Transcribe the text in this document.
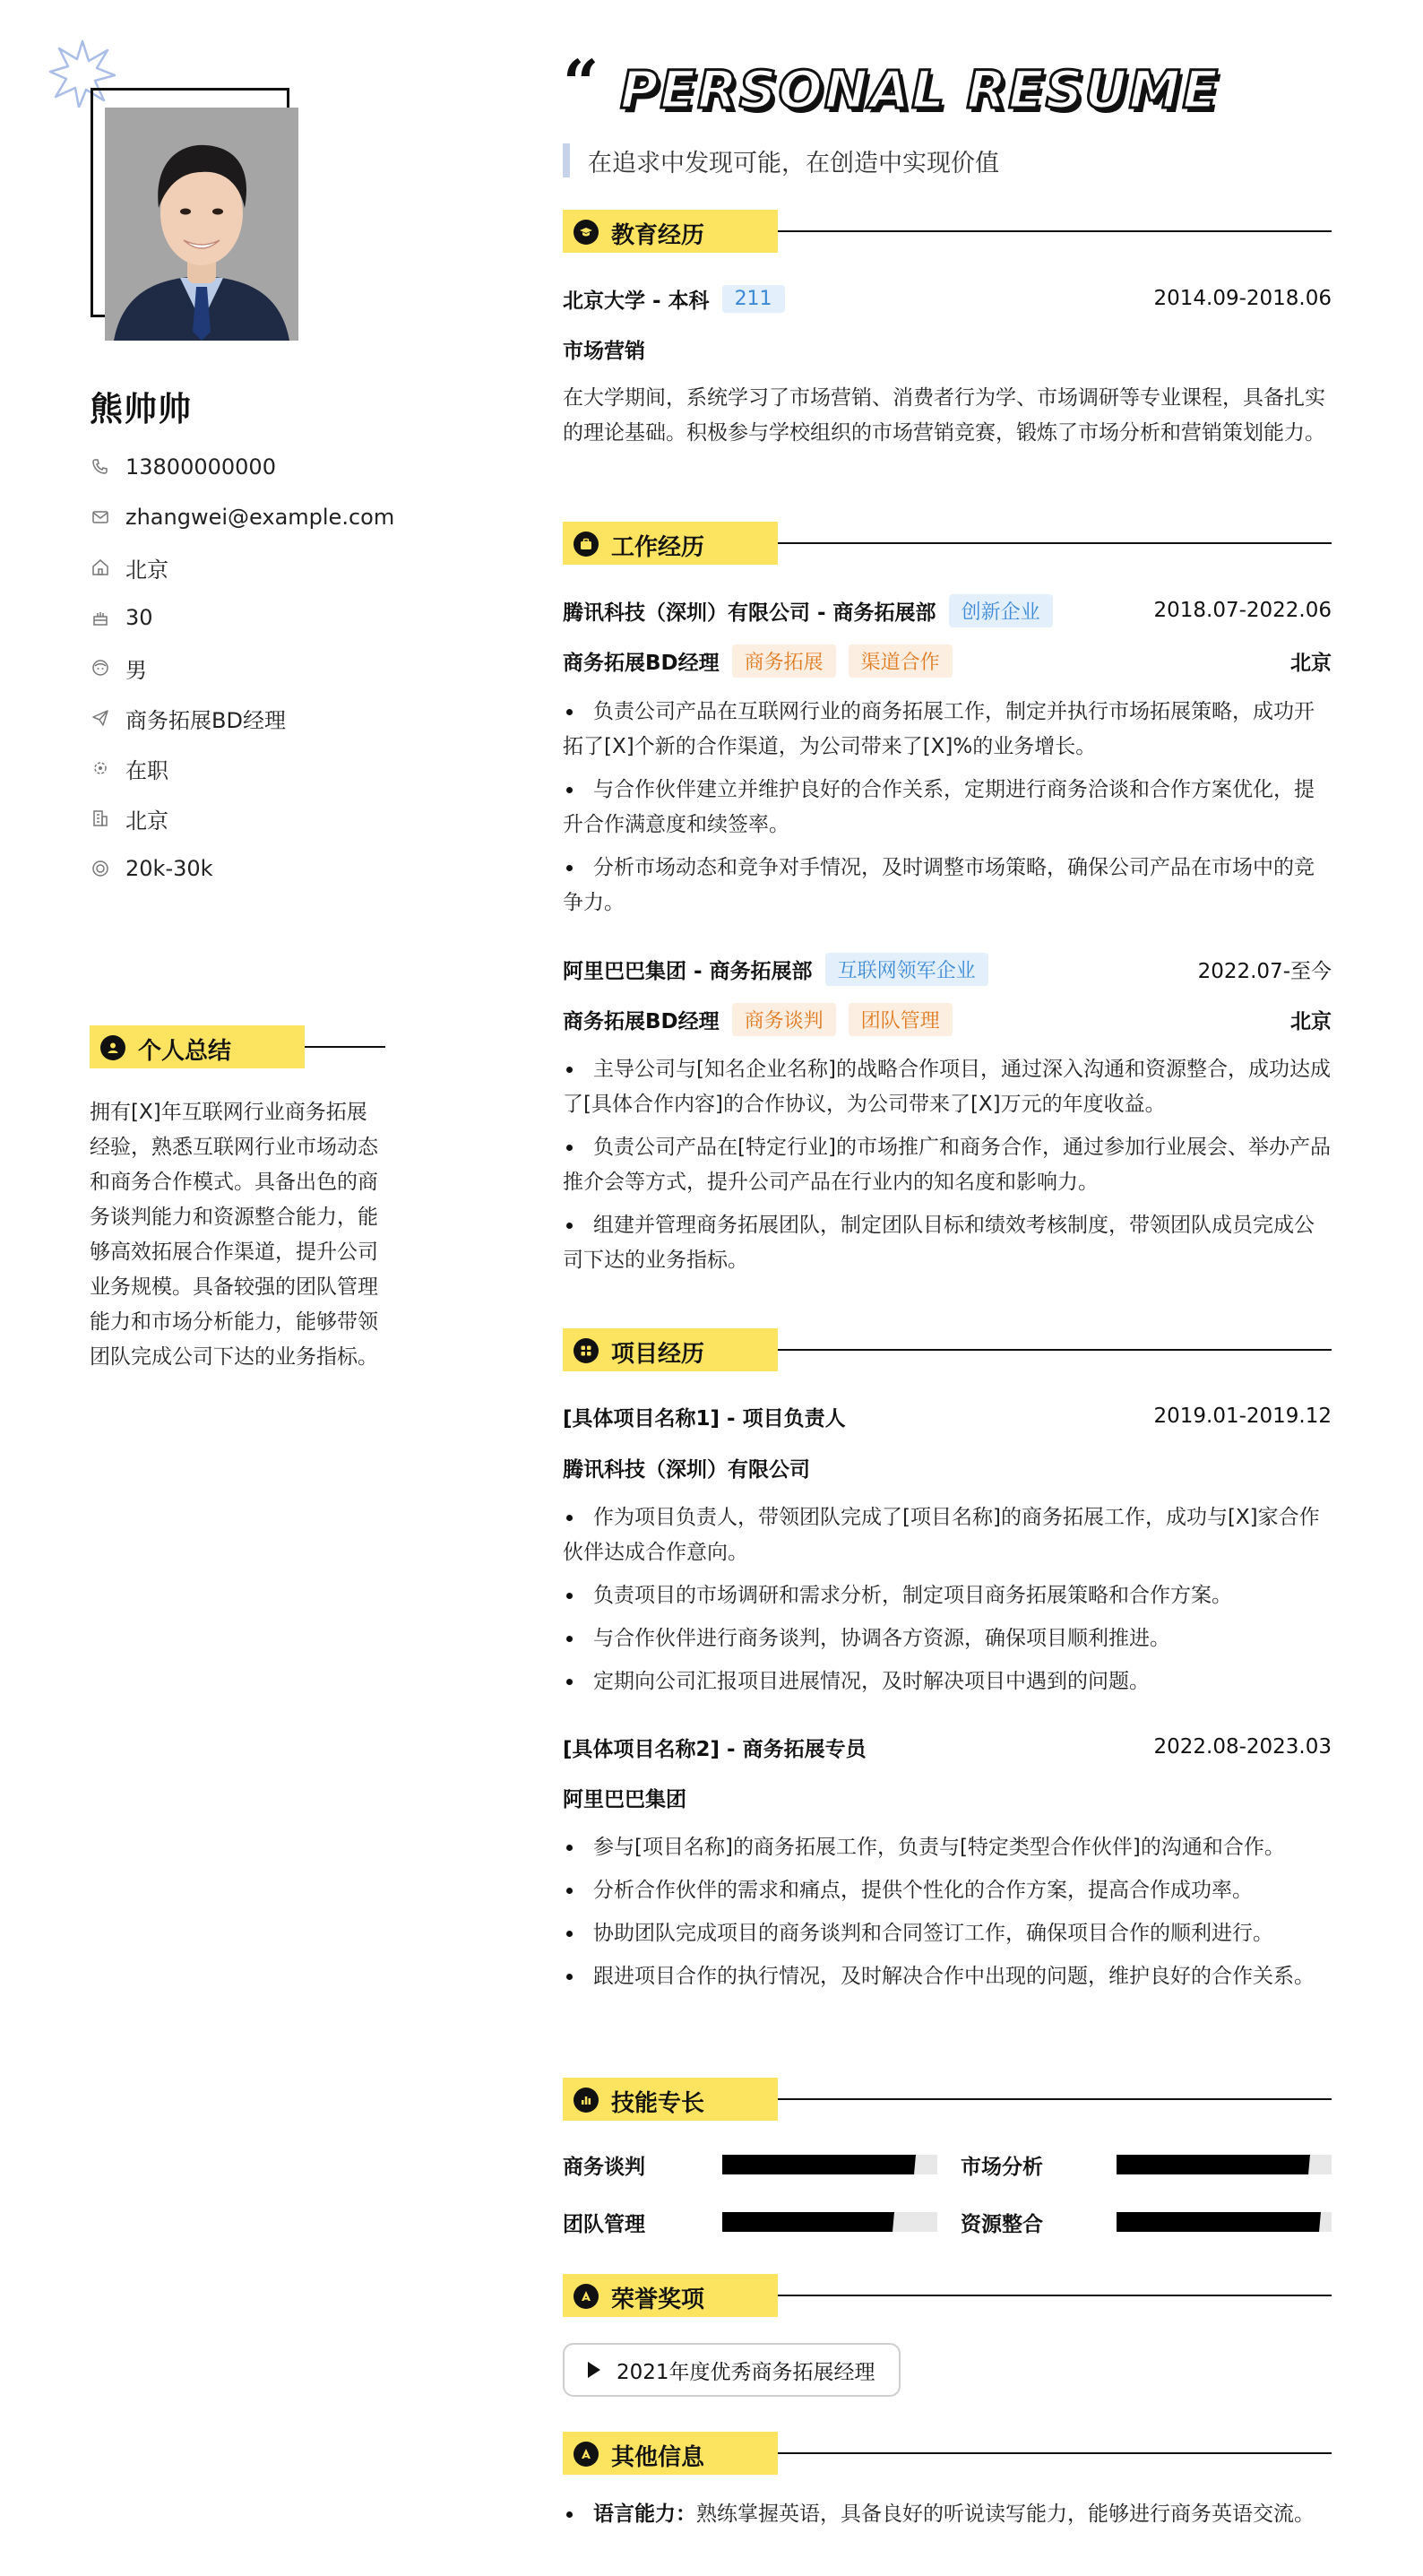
熊帅帅
13800000000
zhangwei@example.com
北京
30
男
商务拓展BD经理
在职
北京
20k-30k
个人总结
拥有[X]年互联网行业商务拓展经验，熟悉互联网行业市场动态和商务合作模式。具备出色的商务谈判能力和资源整合能力，能够高效拓展合作渠道，提升公司业务规模。具备较强的团队管理能力和市场分析能力，能够带领团队完成公司下达的业务指标。
“ PERSONAL RESUME
在追求中发现可能，在创造中实现价值
教育经历
北京大学 - 本科	211	2014.09-2018.06
市场营销
在大学期间，系统学习了市场营销、消费者行为学、市场调研等专业课程，具备扎实的理论基础。积极参与学校组织的市场营销竞赛，锻炼了市场分析和营销策划能力。
工作经历
腾讯科技（深圳）有限公司 - 商务拓展部	创新企业	2018.07-2022.06
商务拓展BD经理	商务拓展	渠道合作	北京
负责公司产品在互联网行业的商务拓展工作，制定并执行市场拓展策略，成功开拓了[X]个新的合作渠道，为公司带来了[X]%的业务增长。
与合作伙伴建立并维护良好的合作关系，定期进行商务洽谈和合作方案优化，提升合作满意度和续签率。
分析市场动态和竞争对手情况，及时调整市场策略，确保公司产品在市场中的竞争力。
阿里巴巴集团 - 商务拓展部	互联网领军企业	2022.07-至今
商务拓展BD经理	商务谈判	团队管理	北京
主导公司与[知名企业名称]的战略合作项目，通过深入沟通和资源整合，成功达成了[具体合作内容]的合作协议，为公司带来了[X]万元的年度收益。
负责公司产品在[特定行业]的市场推广和商务合作，通过参加行业展会、举办产品推介会等方式，提升公司产品在行业内的知名度和影响力。
组建并管理商务拓展团队，制定团队目标和绩效考核制度，带领团队成员完成公司下达的业务指标。
项目经历
[具体项目名称1] - 项目负责人	2019.01-2019.12
腾讯科技（深圳）有限公司
作为项目负责人，带领团队完成了[项目名称]的商务拓展工作，成功与[X]家合作伙伴达成合作意向。
负责项目的市场调研和需求分析，制定项目商务拓展策略和合作方案。
与合作伙伴进行商务谈判，协调各方资源，确保项目顺利推进。
定期向公司汇报项目进展情况，及时解决项目中遇到的问题。
[具体项目名称2] - 商务拓展专员	2022.08-2023.03
阿里巴巴集团
参与[项目名称]的商务拓展工作，负责与[特定类型合作伙伴]的沟通和合作。
分析合作伙伴的需求和痛点，提供个性化的合作方案，提高合作成功率。
协助团队完成项目的商务谈判和合同签订工作，确保项目合作的顺利进行。
跟进项目合作的执行情况，及时解决合作中出现的问题，维护良好的合作关系。
技能专长
商务谈判	市场分析
团队管理	资源整合
荣誉奖项
2021年度优秀商务拓展经理
其他信息
语言能力： 熟练掌握英语，具备良好的听说读写能力，能够进行商务英语交流。
